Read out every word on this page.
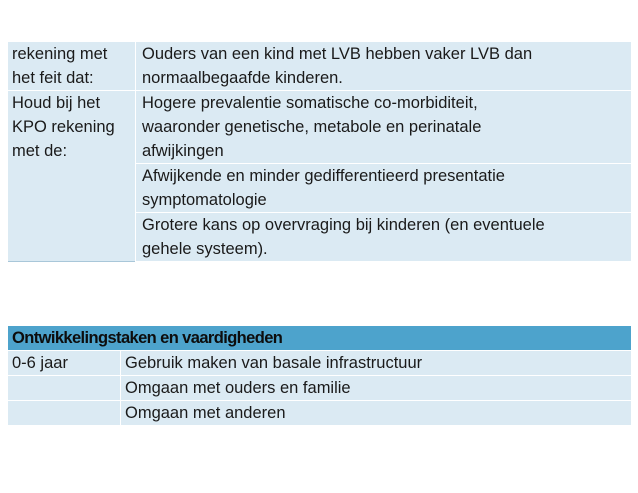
rekening met
het feit dat:	Ouders van een kind met LVB hebben vaker LVB dan
normaalbegaafde kinderen.
Houd bij het
KPO rekening
met de:	Hogere prevalentie somatische co-morbiditeit,
waaronder genetische, metabole en perinatale
afwijkingen
	Afwijkende en minder gedifferentieerd presentatie
symptomatologie
	Grotere kans op overvraging bij kinderen (en eventuele
gehele systeem).
Ontwikkelingstaken en vaardigheden	
0-6 jaar	Gebruik maken van basale infrastructuur
	Omgaan met ouders en familie
	Omgaan met anderen
